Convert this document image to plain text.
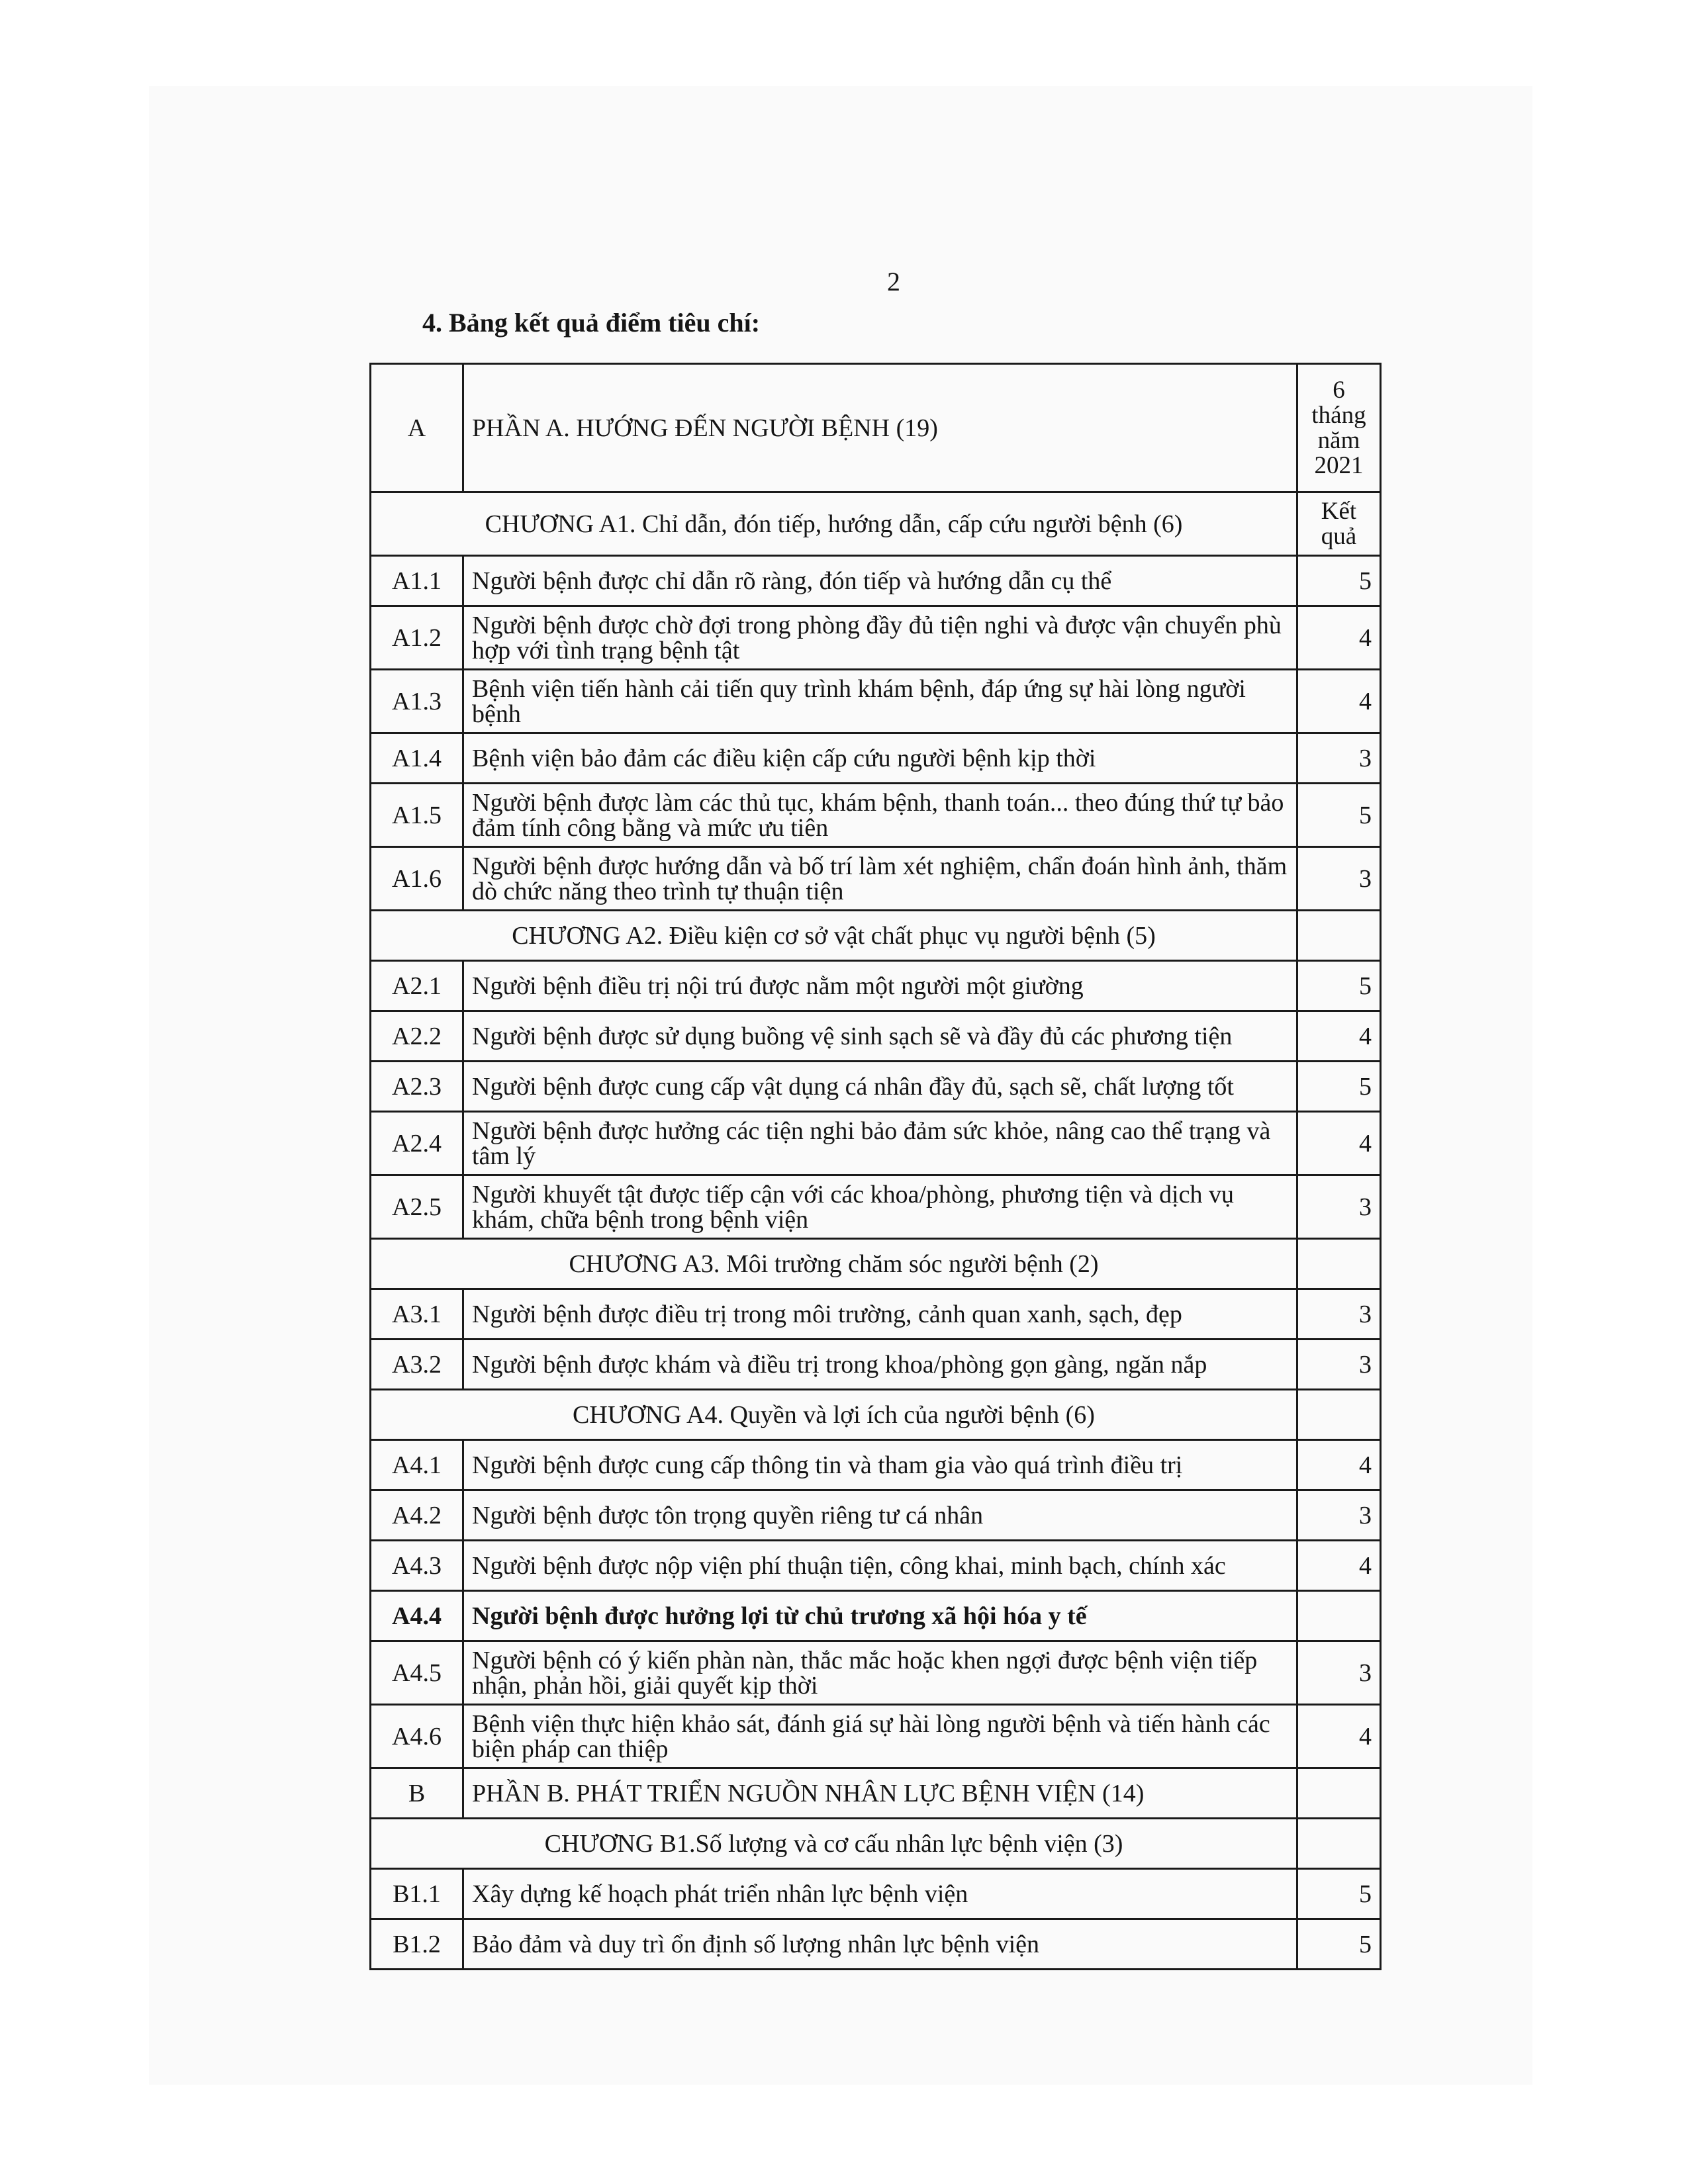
2
4. Bảng kết quả điểm tiêu chí:
A	PHẦN A. HƯỚNG ĐẾN NGƯỜI BỆNH (19)	6
tháng
năm
2021

CHƯƠNG A1. Chỉ dẫn, đón tiếp, hướng dẫn, cấp cứu người bệnh (6)		Kết
quả

A1.1	Người bệnh được chỉ dẫn rõ ràng, đón tiếp và hướng dẫn cụ thể	5
A1.2	Người bệnh được chờ đợi trong phòng đầy đủ tiện nghi và được vận chuyển phù hợp với tình trạng bệnh tật	4
A1.3	Bệnh viện tiến hành cải tiến quy trình khám bệnh, đáp ứng sự hài lòng người bệnh	4
A1.4	Bệnh viện bảo đảm các điều kiện cấp cứu người bệnh kịp thời	3
A1.5	Người bệnh được làm các thủ tục, khám bệnh, thanh toán... theo đúng thứ tự bảo đảm tính công bằng và mức ưu tiên	5
A1.6	Người bệnh được hướng dẫn và bố trí làm xét nghiệm, chẩn đoán hình ảnh, thăm dò chức năng theo trình tự thuận tiện	3
CHƯƠNG A2. Điều kiện cơ sở vật chất phục vụ người bệnh (5)		
A2.1	Người bệnh điều trị nội trú được nằm một người một giường	5
A2.2	Người bệnh được sử dụng buồng vệ sinh sạch sẽ và đầy đủ các phương tiện	4
A2.3	Người bệnh được cung cấp vật dụng cá nhân đầy đủ, sạch sẽ, chất lượng tốt	5
A2.4	Người bệnh được hưởng các tiện nghi bảo đảm sức khỏe, nâng cao thể trạng và tâm lý	4
A2.5	Người khuyết tật được tiếp cận với các khoa/phòng, phương tiện và dịch vụ khám, chữa bệnh trong bệnh viện	3
CHƯƠNG A3. Môi trường chăm sóc người bệnh (2)		
A3.1	Người bệnh được điều trị trong môi trường, cảnh quan xanh, sạch, đẹp	3
A3.2	Người bệnh được khám và điều trị trong khoa/phòng gọn gàng, ngăn nắp	3
CHƯƠNG A4. Quyền và lợi ích của người bệnh (6)		
A4.1	Người bệnh được cung cấp thông tin và tham gia vào quá trình điều trị	4
A4.2	Người bệnh được tôn trọng quyền riêng tư cá nhân	3
A4.3	Người bệnh được nộp viện phí thuận tiện, công khai, minh bạch, chính xác	4
A4.4	Người bệnh được hưởng lợi từ chủ trương xã hội hóa y tế	
A4.5	Người bệnh có ý kiến phàn nàn, thắc mắc hoặc khen ngợi được bệnh viện tiếp nhận, phản hồi, giải quyết kịp thời	3
A4.6	Bệnh viện thực hiện khảo sát, đánh giá sự hài lòng người bệnh và tiến hành các biện pháp can thiệp	4
B	PHẦN B. PHÁT TRIỂN NGUỒN NHÂN LỰC BỆNH VIỆN (14)	
CHƯƠNG B1.Số lượng và cơ cấu nhân lực bệnh viện (3)		
B1.1	Xây dựng kế hoạch phát triển nhân lực bệnh viện	5
B1.2	Bảo đảm và duy trì ổn định số lượng nhân lực bệnh viện	5
